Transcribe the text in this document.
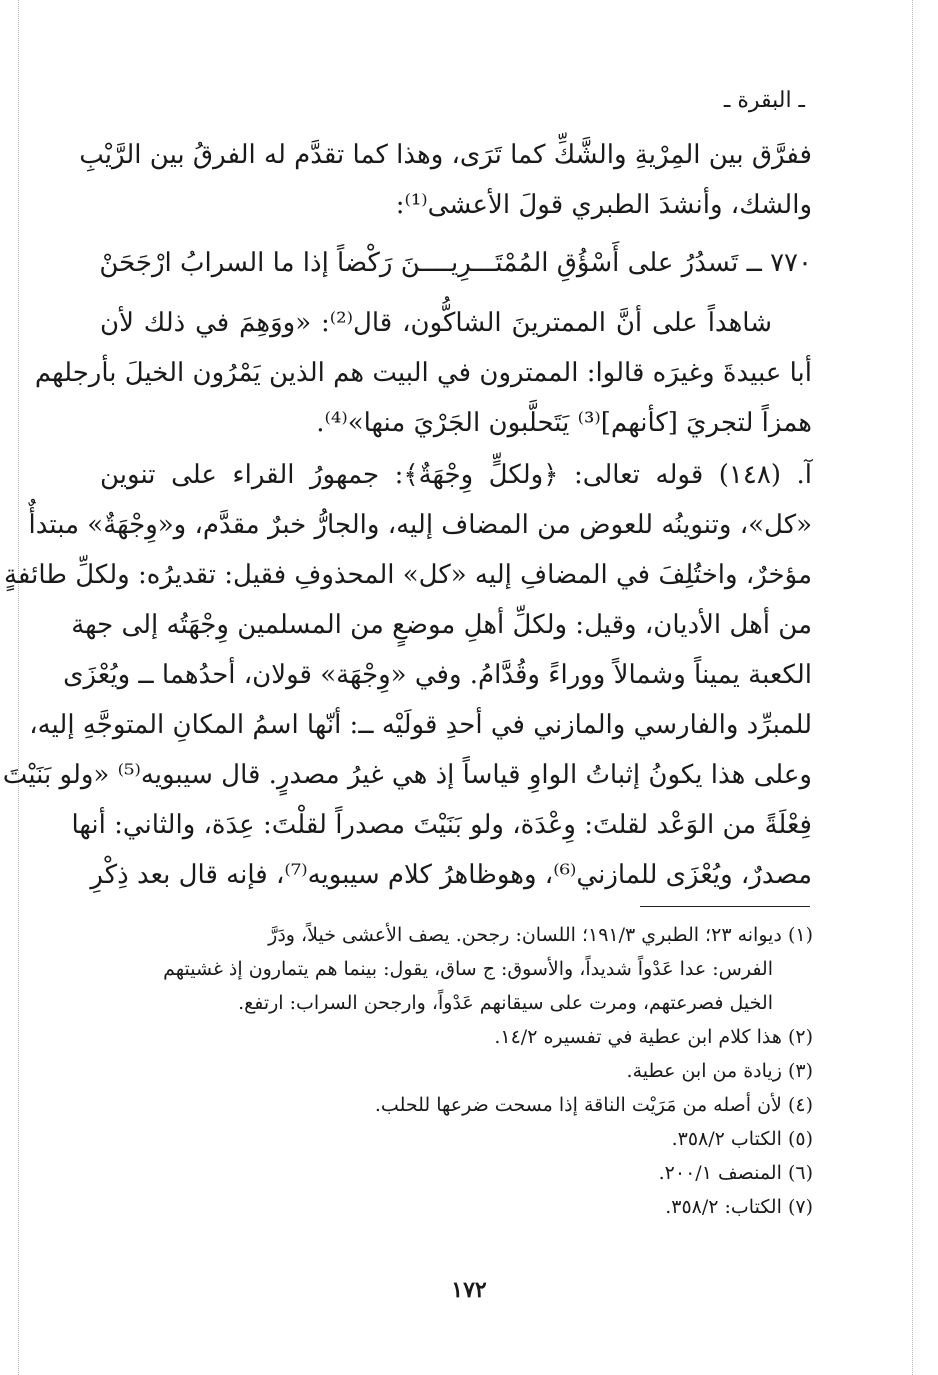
ـ البقرة ـ
ففرَّق بين المِرْيةِ والشَّكِّ كما تَرَى، وهذا كما تقدَّم له الفرقُ بين الرَّيْبِ
والشك، وأنشدَ الطبري قولَ الأعشى⁽¹⁾:
٧٧٠ ــ تَسدُرُ على أَسْؤُقِ المُمْتَـــرِيــ
ــنَ رَكْضاً إذا ما السرابُ ارْجَحَنْ
شاهداً على أنَّ الممترينَ الشاكُّون، قال⁽²⁾: «ووَهِمَ في ذلك لأن
أبا عبيدةَ وغيرَه قالوا: الممترون في البيت هم الذين يَمْرُون الخيلَ بأرجلهم
همزاً لتجريَ [كأنهم]⁽³⁾ يَتَحلَّبون الجَرْيَ منها»⁽⁴⁾.
آ. (١٤٨) قوله تعالى: ﴿ولكلٍّ وِجْهَةٌ﴾: جمهورُ القراء على تنوين
«كل»، وتنوينُه للعوض من المضاف إليه، والجارُّ خبرٌ مقدَّم، و«وِجْهَةٌ» مبتدأٌ
مؤخرٌ، واختُلِفَ في المضافِ إليه «كل» المحذوفِ فقيل: تقديرُه: ولكلِّ طائفةٍ
من أهل الأديان، وقيل: ولكلِّ أهلِ موضعٍ من المسلمين وِجْهَتُه إلى جهة
الكعبة يميناً وشمالاً ووراءً وقُدَّامُ. وفي «وِجْهَة» قولان، أحدُهما ــ ويُعْزَى
للمبرِّد والفارسي والمازني في أحدِ قولَيْه ــ: أنّها اسمُ المكانِ المتوجَّهِ إليه،
وعلى هذا يكونُ إثباتُ الواوِ قياساً إذ هي غيرُ مصدرٍ. قال سيبويه⁽⁵⁾ «ولو بَنَيْتَ
فِعْلَةً من الوَعْد لقلتَ: وِعْدَة، ولو بَنَيْتَ مصدراً لقلْتَ: عِدَة، والثاني: أنها
مصدرٌ، ويُعْزَى للمازني⁽⁶⁾، وهوظاهرُ كلام سيبويه⁽⁷⁾، فإنه قال بعد ذِكْرِ
(١) ديوانه ٢٣؛ الطبري ١٩١/٣؛ اللسان: رجحن. يصف الأعشى خيلاً، ودَرَّ
الفرس: عدا عَدْواً شديداً، والأسوق: ج ساق، يقول: بينما هم يتمارون إذ غشيتهم
الخيل فصرعتهم، ومرت على سيقانهم عَدْواً، وارجحن السراب: ارتفع.
(٢) هذا كلام ابن عطية في تفسيره ١٤/٢.
(٣) زيادة من ابن عطية.
(٤) لأن أصله من مَرَيْت الناقة إذا مسحت ضرعها للحلب.
(٥) الكتاب ٣٥٨/٢.
(٦) المنصف ٢٠٠/١.
(٧) الكتاب: ٣٥٨/٢.
١٧٢
